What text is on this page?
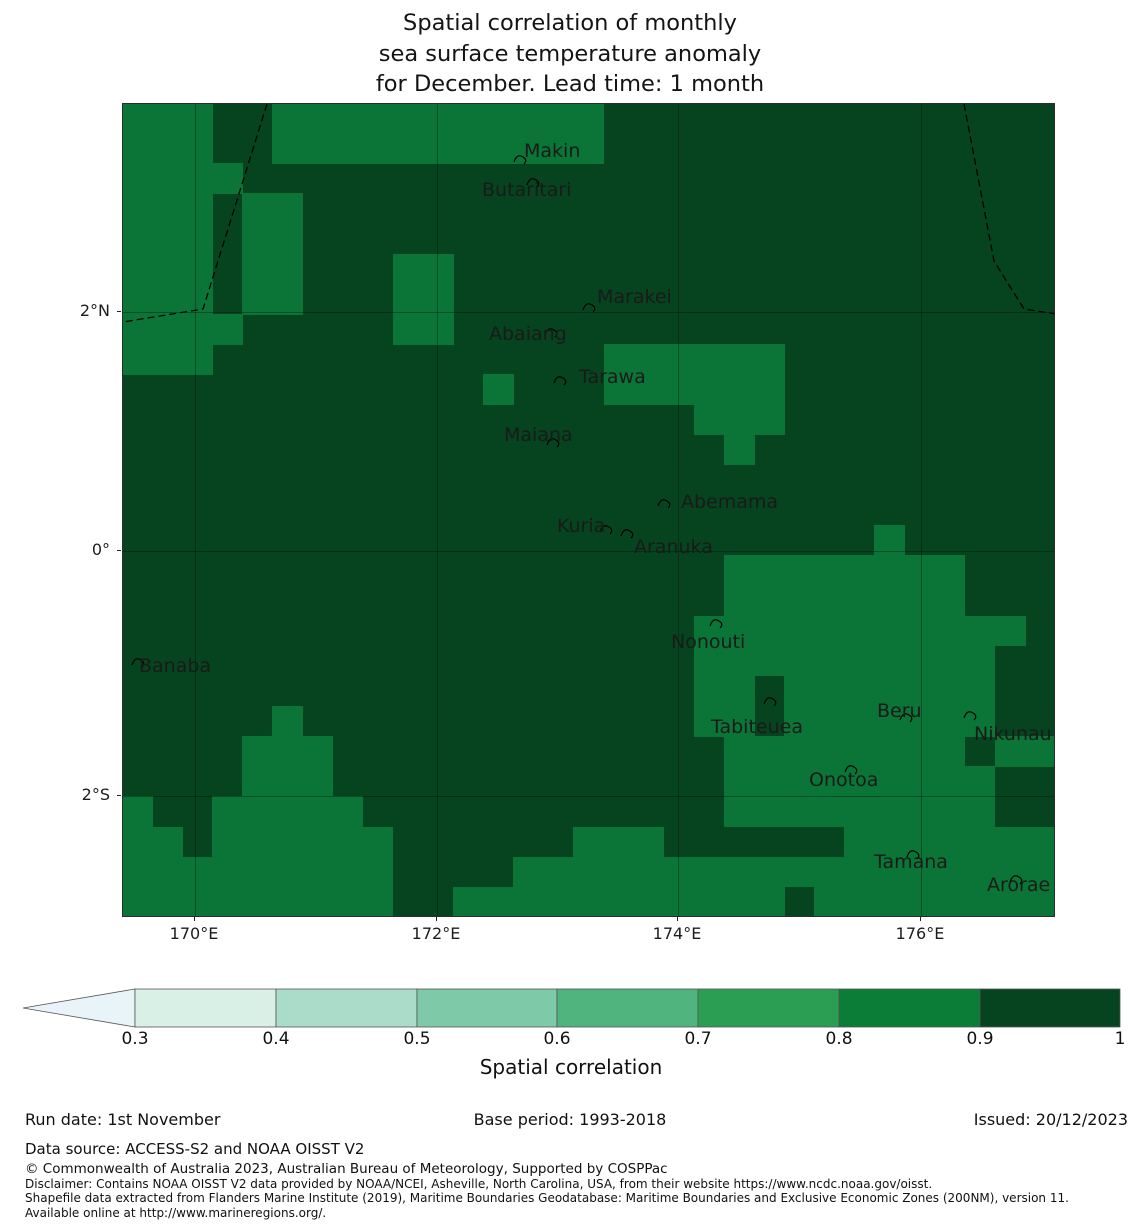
Spatial correlation of monthly
sea surface temperature anomaly
for December. Lead time: 1 month
2°N
0°
2°S
170°E	172°E	174°E	176°E
0.3	0.4	0.5	0.6	0.7	0.8	0.9	1
Spatial correlation
Run date: 1st November	Base period: 1993-2018	Issued: 20/12/2023
Data source: ACCESS-S2 and NOAA OISST V2
© Commonwealth of Australia 2023, Australian Bureau of Meteorology, Supported by COSPPac
Disclaimer: Contains NOAA OISST V2 data provided by NOAA/NCEI, Asheville, North Carolina, USA, from their website https://www.ncdc.noaa.gov/oisst.
Shapefile data extracted from Flanders Marine Institute (2019), Maritime Boundaries Geodatabase: Maritime Boundaries and Exclusive Economic Zones (200NM), version 11. Available online at http://www.marineregions.org/.
Makin
Butaritari
Marakei
Abaiang
Tarawa
Maiana
Abemama
Kuria
Aranuka
Nonouti
Banaba
Tabiteuea
Beru
Nikunau
Onotoa
Tamana
Arorae
